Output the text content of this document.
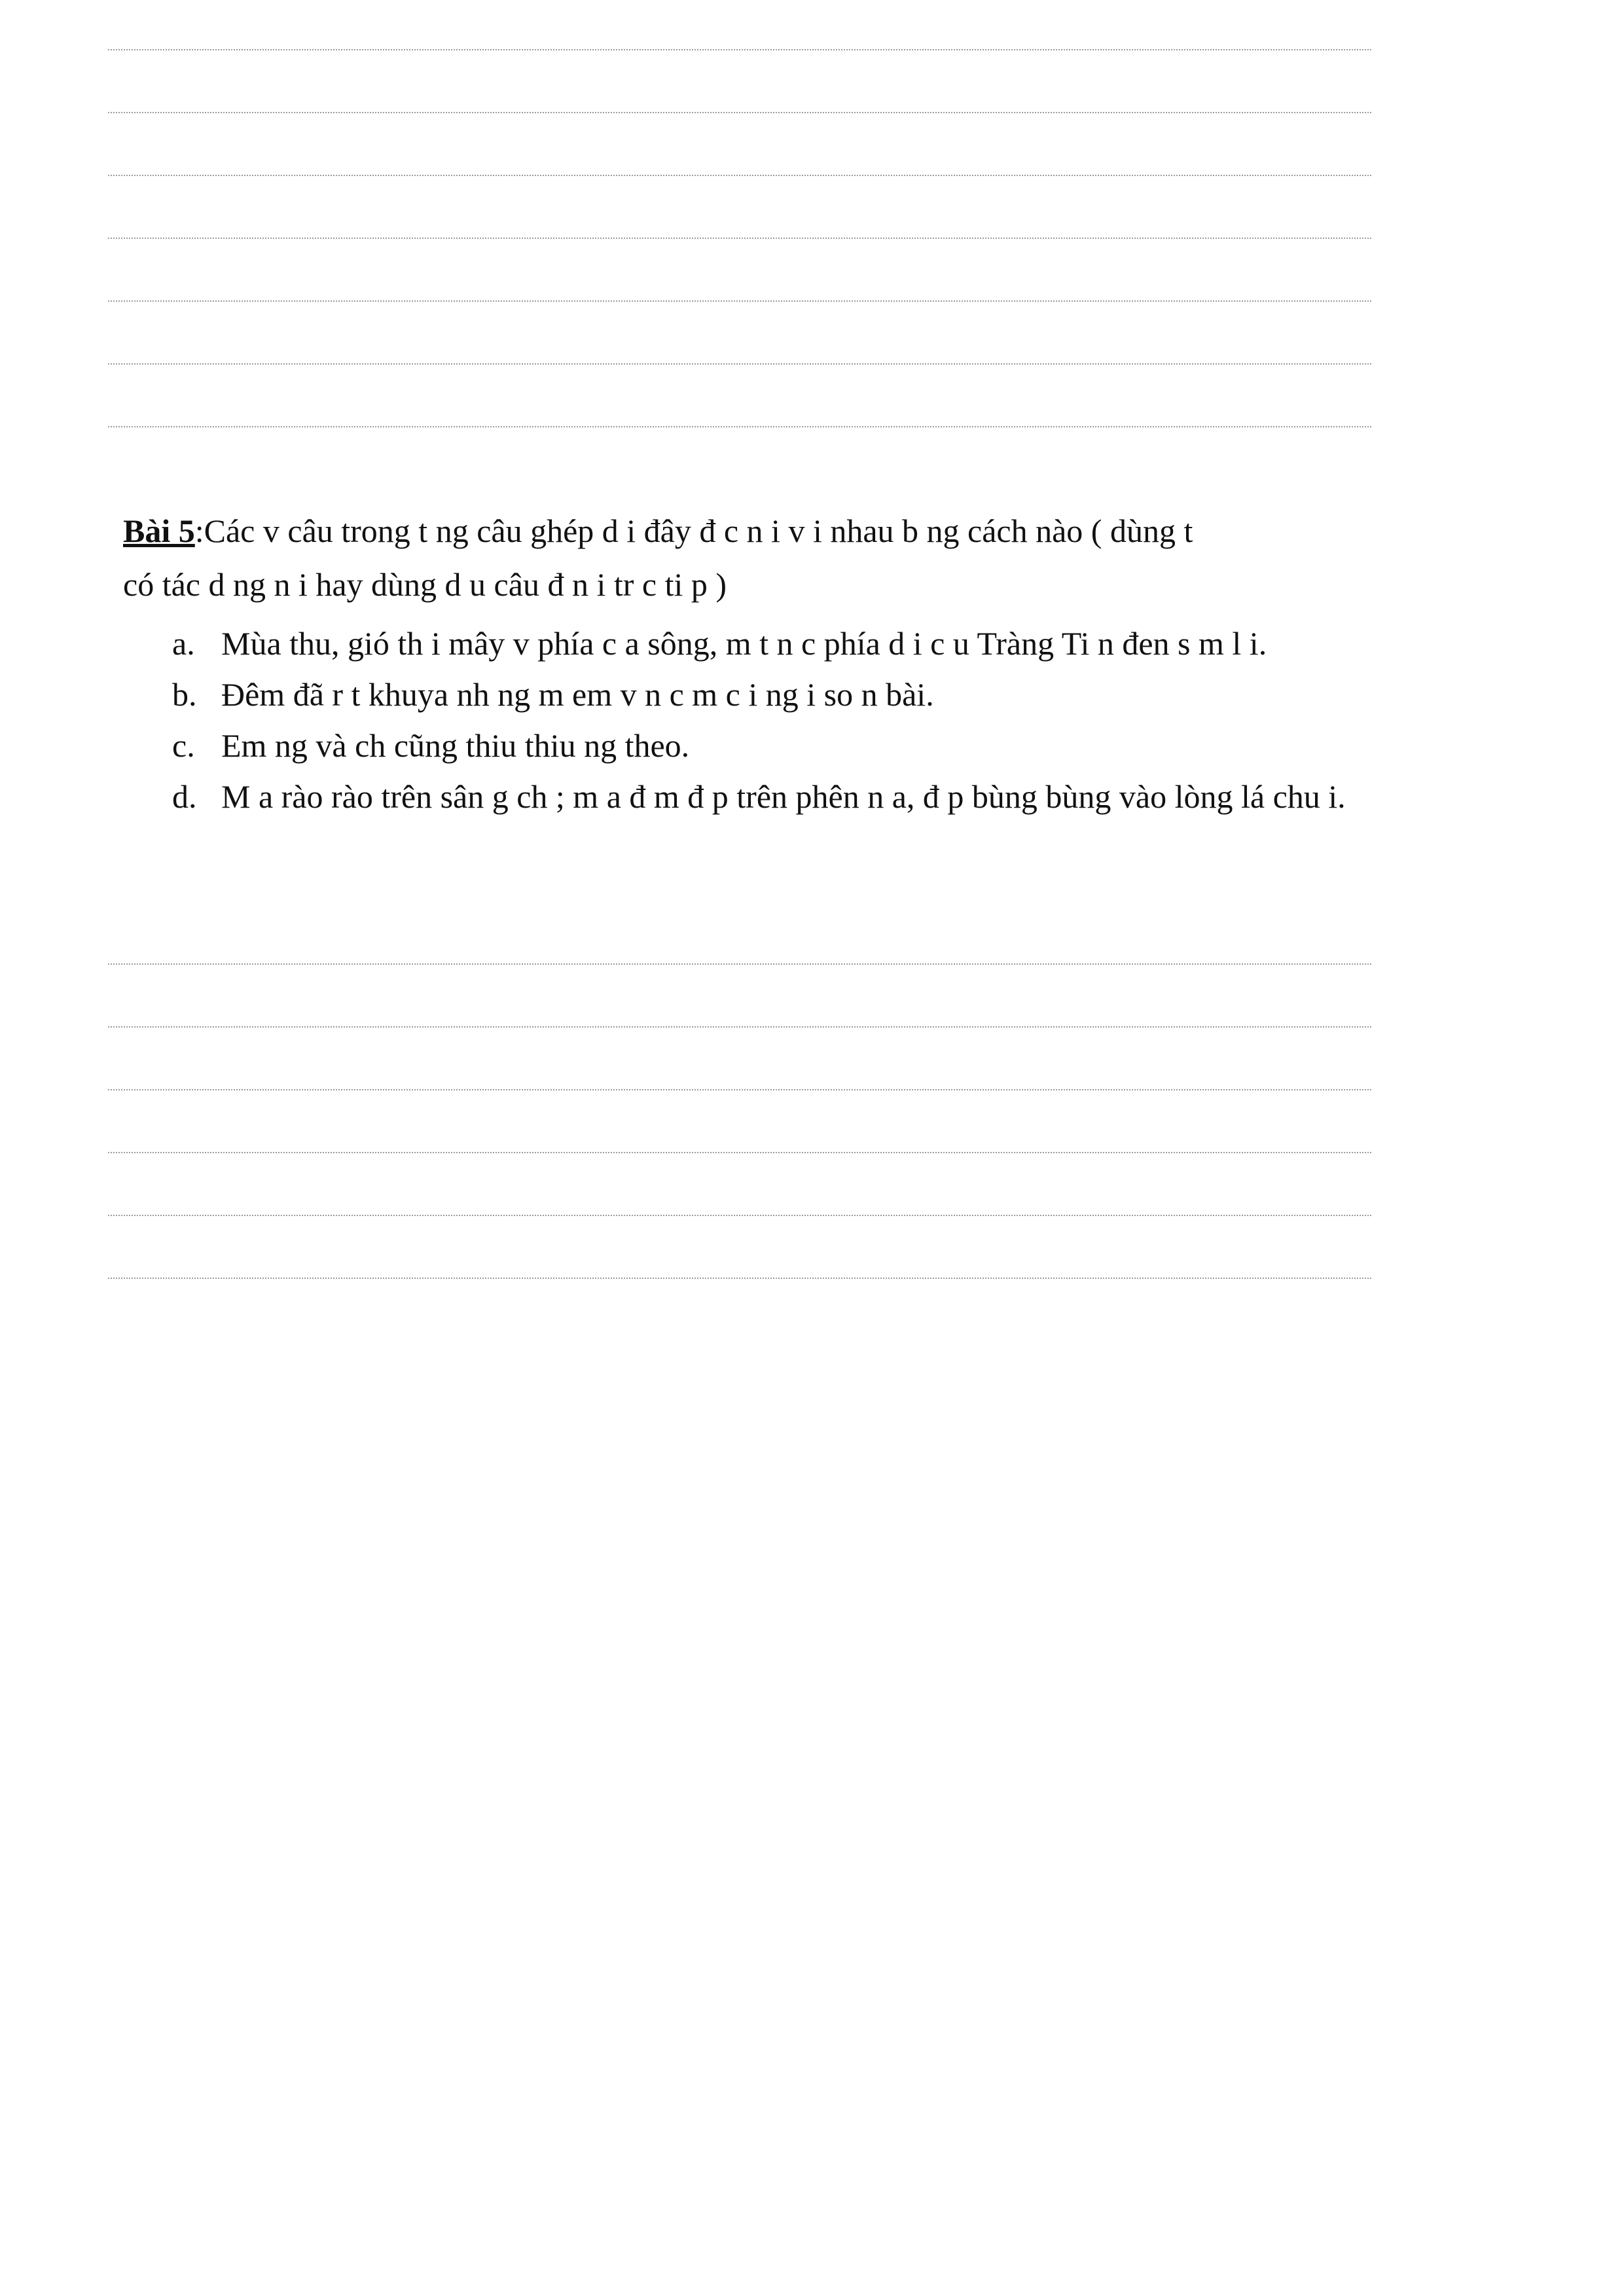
Bài 5:Các v câu trong t ng câu ghép d i đây đ c n i v i nhau b ng cách nào ( dùng t

có tác d ng n i hay dùng d u câu đ n i tr c ti p )

a. Mùa thu, gió th i mây v phía c a sông, m t n c phía d i c u Tràng Ti n đen s m l i.
b. Đêm đã r t khuya nh ng m em v n c m c i ng i so n bài.
c. Em ng và ch cũng thiu thiu ng theo.
d. M a rào rào trên sân g ch ; m a đ m đ p trên phên n a, đ p bùng bùng vào lòng lá chu i.
